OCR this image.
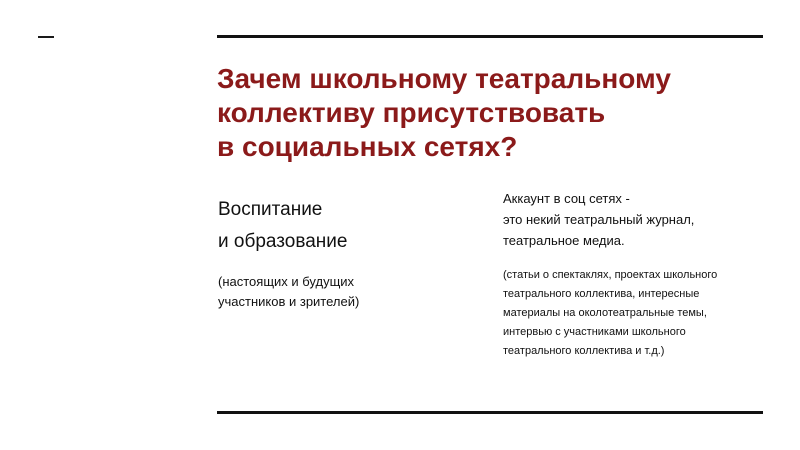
Зачем школьному театральному
коллективу присутствовать
в социальных сетях?
Воспитание
и образование
(настоящих и будущих
участников и зрителей)
Аккаунт в соц сетях -
это некий театральный журнал,
театральное медиа.
(статьи о спектаклях, проектах школьного
театрального коллектива, интересные
материалы на околотеатральные темы,
интервью с участниками школьного
театрального коллектива и т.д.)
